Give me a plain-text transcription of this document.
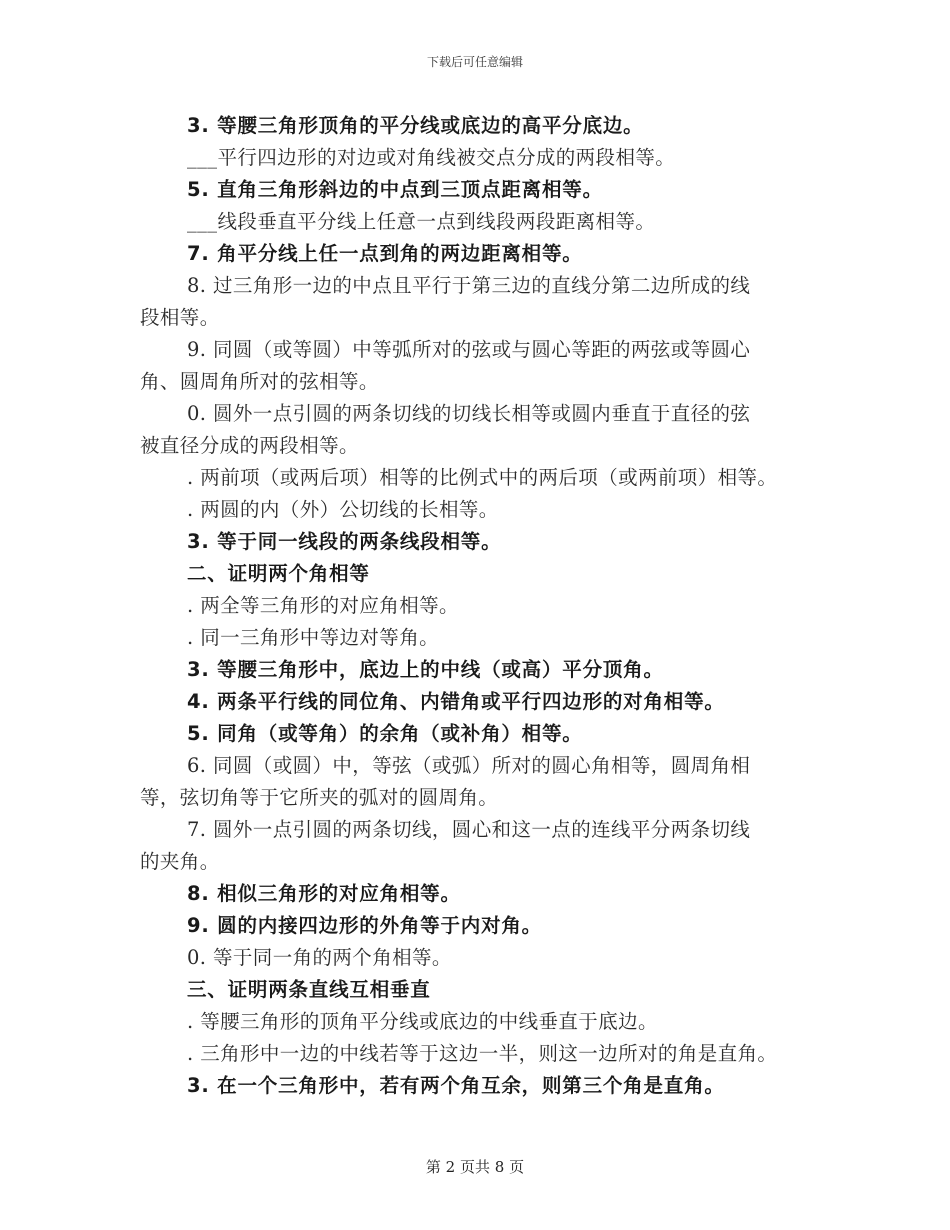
下载后可任意编辑
3. 等腰三角形顶角的平分线或底边的高平分底边。
___平行四边形的对边或对角线被交点分成的两段相等。
5. 直角三角形斜边的中点到三顶点距离相等。
___线段垂直平分线上任意一点到线段两段距离相等。
7. 角平分线上任一点到角的两边距离相等。
8. 过三角形一边的中点且平行于第三边的直线分第二边所成的线
段相等。
9. 同圆（或等圆）中等弧所对的弦或与圆心等距的两弦或等圆心
角、圆周角所对的弦相等。
0. 圆外一点引圆的两条切线的切线长相等或圆内垂直于直径的弦
被直径分成的两段相等。
. 两前项（或两后项）相等的比例式中的两后项（或两前项）相等。
. 两圆的内（外）公切线的长相等。
3. 等于同一线段的两条线段相等。
二、证明两个角相等
. 两全等三角形的对应角相等。
. 同一三角形中等边对等角。
3. 等腰三角形中，底边上的中线（或高）平分顶角。
4. 两条平行线的同位角、内错角或平行四边形的对角相等。
5. 同角（或等角）的余角（或补角）相等。
6. 同圆（或圆）中，等弦（或弧）所对的圆心角相等，圆周角相
等，弦切角等于它所夹的弧对的圆周角。
7. 圆外一点引圆的两条切线，圆心和这一点的连线平分两条切线
的夹角。
8. 相似三角形的对应角相等。
9. 圆的内接四边形的外角等于内对角。
0. 等于同一角的两个角相等。
三、证明两条直线互相垂直
. 等腰三角形的顶角平分线或底边的中线垂直于底边。
. 三角形中一边的中线若等于这边一半，则这一边所对的角是直角。
3. 在一个三角形中，若有两个角互余，则第三个角是直角。
第 2 页共 8 页
